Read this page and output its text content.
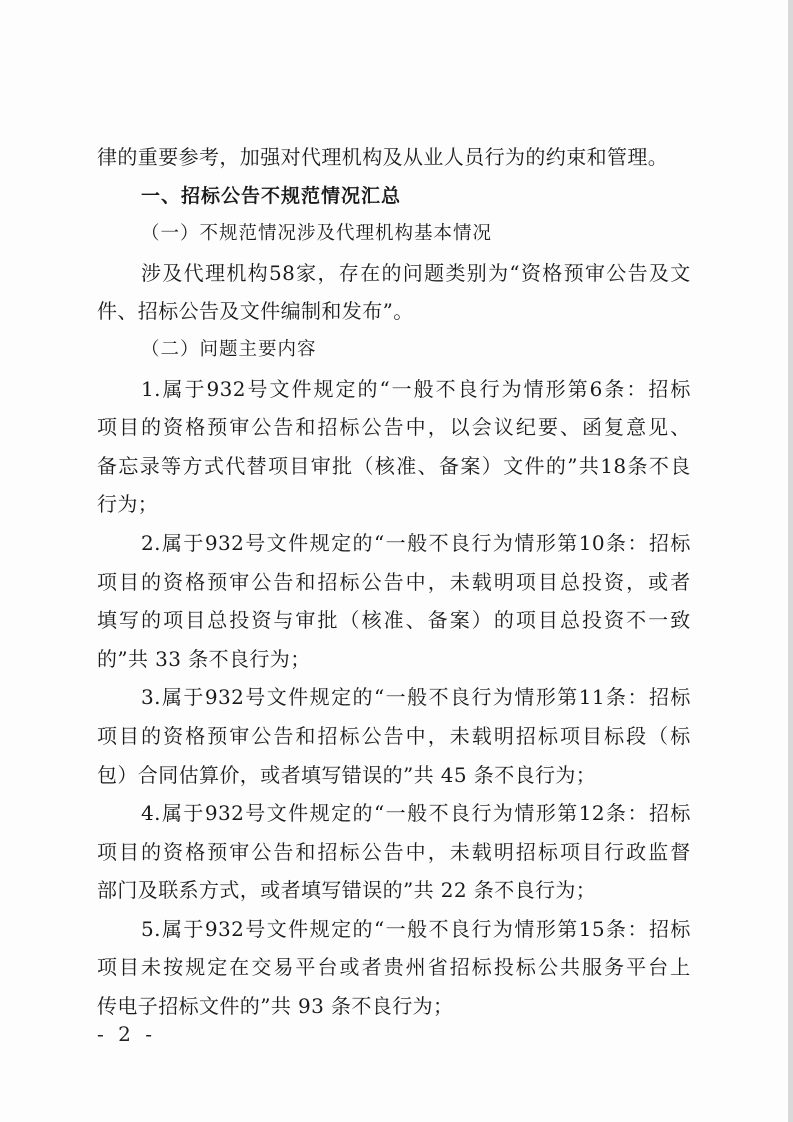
律的重要参考，加强对代理机构及从业人员行为的约束和管理。
一、招标公告不规范情况汇总
（一）不规范情况涉及代理机构基本情况
涉 及 代 理 机 构 58 家 ， 存 在 的 问 题 类 别 为 “ 资 格 预 审 公 告 及 文
件、招标公告及文件编制和发布”。
（二）问题主要内容
1. 属 于 932 号 文 件 规 定 的 “ 一 般 不 良 行 为 情 形 第 6 条 ： 招 标
项 目 的 资 格 预 审 公 告 和 招 标 公 告 中 ， 以 会 议 纪 要 、 函 复 意 见 、
备 忘 录 等 方 式 代 替 项 目 审 批 （ 核 准 、 备 案 ） 文 件 的 ” 共 18 条 不 良
行为；
2. 属 于 932 号 文 件 规 定 的 “ 一 般 不 良 行 为 情 形 第 10 条 ： 招 标
项 目 的 资 格 预 审 公 告 和 招 标 公 告 中 ， 未 载 明 项 目 总 投 资 ， 或 者
填 写 的 项 目 总 投 资 与 审 批 （ 核 准 、 备 案 ） 的 项 目 总 投 资 不 一 致
的”共 33 条不良行为；
3. 属 于 932 号 文 件 规 定 的 “ 一 般 不 良 行 为 情 形 第 11 条 ： 招 标
项 目 的 资 格 预 审 公 告 和 招 标 公 告 中 ， 未 载 明 招 标 项 目 标 段 （ 标
包）合同估算价，或者填写错误的”共 45 条不良行为；
4. 属 于 932 号 文 件 规 定 的 “ 一 般 不 良 行 为 情 形 第 12 条 ： 招 标
项 目 的 资 格 预 审 公 告 和 招 标 公 告 中 ， 未 载 明 招 标 项 目 行 政 监 督
部门及联系方式，或者填写错误的”共 22 条不良行为；
5. 属 于 932 号 文 件 规 定 的 “ 一 般 不 良 行 为 情 形 第 15 条 ： 招 标
项 目 未 按 规 定 在 交 易 平 台 或 者 贵 州 省 招 标 投 标 公 共 服 务 平 台 上
传电子招标文件的”共 93 条不良行为；
- 2 -
